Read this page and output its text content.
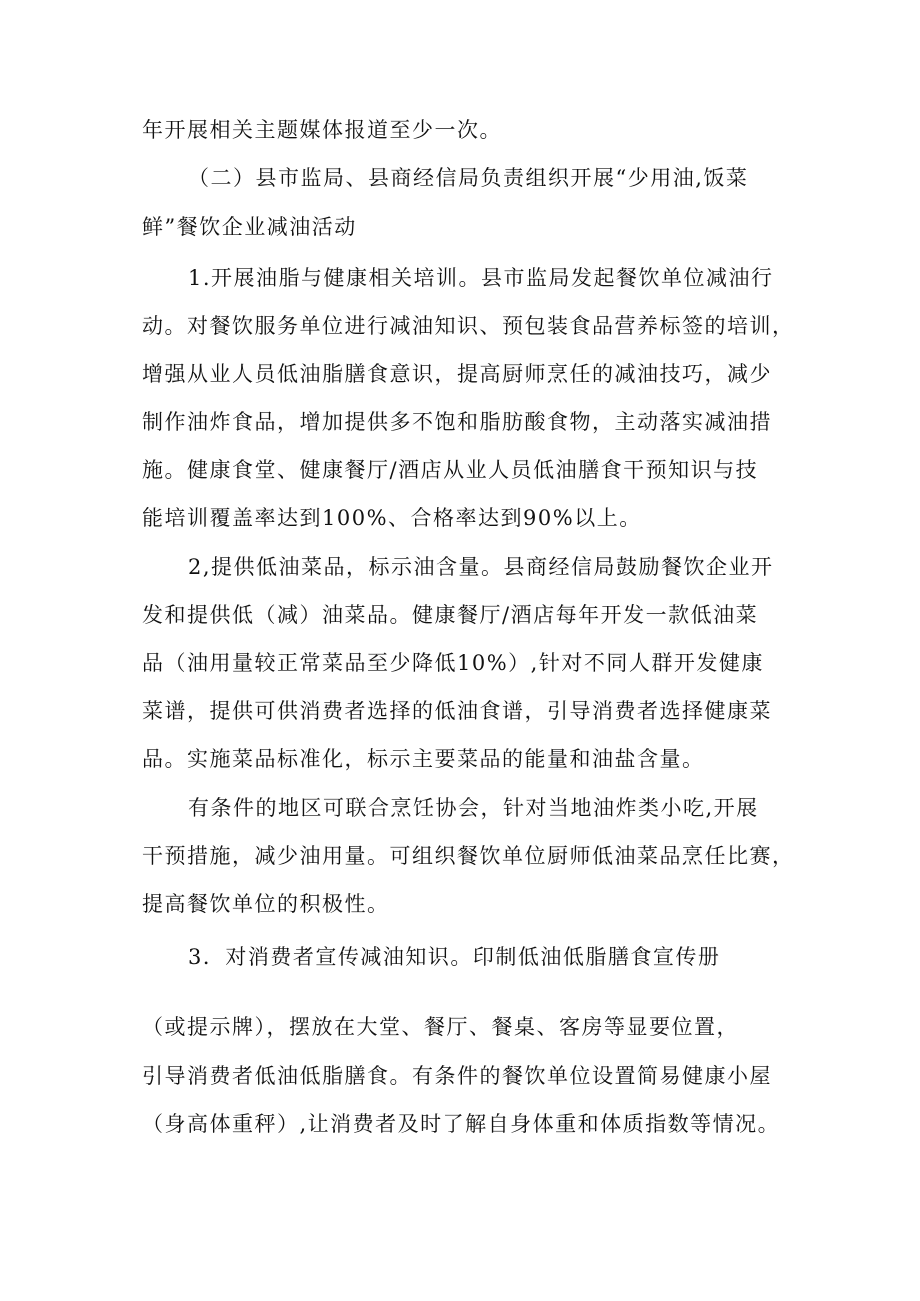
年开展相关主题媒体报道至少一次。
（二）县市监局、县商经信局负责组织开展“少用油,饭菜
鲜”餐饮企业减油活动
1.开展油脂与健康相关培训。县市监局发起餐饮单位减油行
动。对餐饮服务单位进行减油知识、预包装食品营养标签的培训，
增强从业人员低油脂膳食意识，提高厨师烹任的减油技巧，减少
制作油炸食品，增加提供多不饱和脂肪酸食物，主动落实减油措
施。健康食堂、健康餐厅/酒店从业人员低油膳食干预知识与技
能培训覆盖率达到100%、合格率达到90%以上。
2,提供低油菜品，标示油含量。县商经信局鼓励餐饮企业开
发和提供低（减）油菜品。健康餐厅/酒店每年开发一款低油菜
品（油用量较正常菜品至少降低10%）,针对不同人群开发健康
菜谱，提供可供消费者选择的低油食谱，引导消费者选择健康菜
品。实施菜品标准化，标示主要菜品的能量和油盐含量。
有条件的地区可联合烹饪协会，针对当地油炸类小吃,开展
干预措施，减少油用量。可组织餐饮单位厨师低油菜品烹任比赛，
提高餐饮单位的积极性。
3．对消费者宣传减油知识。印制低油低脂膳食宣传册
（或提示牌），摆放在大堂、餐厅、餐桌、客房等显要位置，
引导消费者低油低脂膳食。有条件的餐饮单位设置简易健康小屋
（身高体重秤）,让消费者及时了解自身体重和体质指数等情况。
